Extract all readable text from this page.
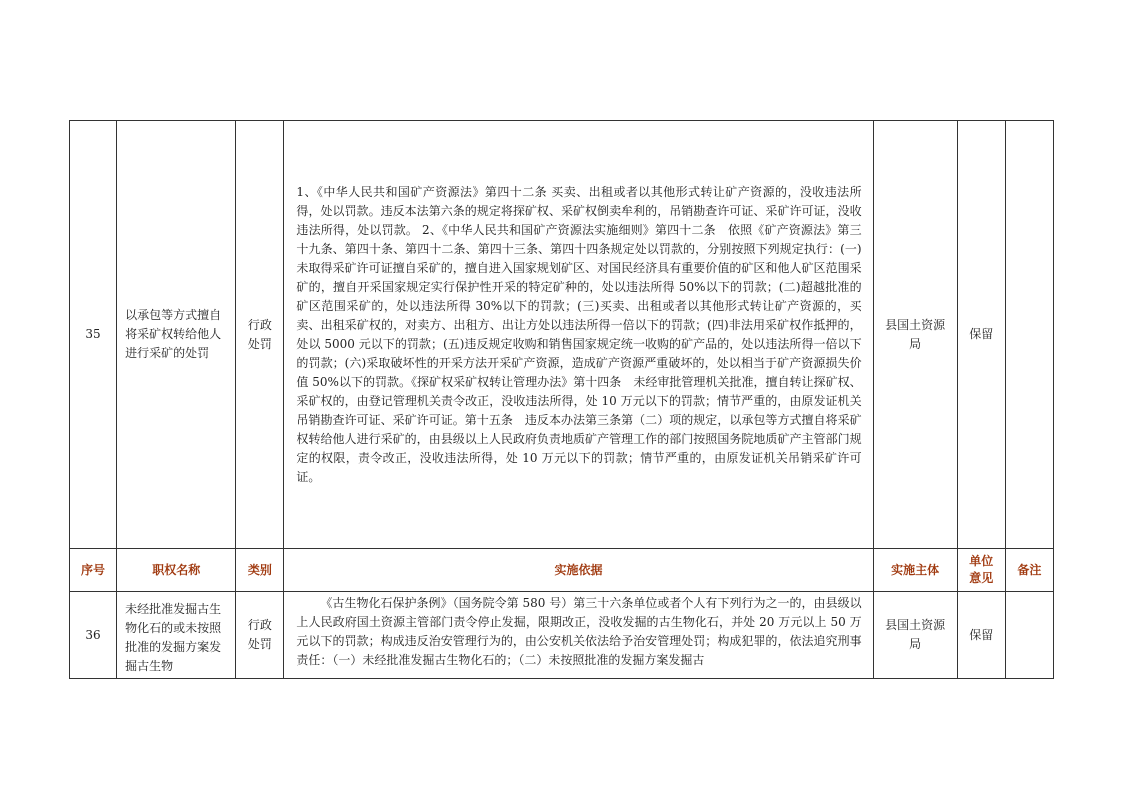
35	以承包等方式擅自将采矿权转给他人进行采矿的处罚	行政处罚	1、《中华人民共和国矿产资源法》第四十二条 买卖、出租或者以其他形式转让矿产资源的，没收违法所得，处以罚款。违反本法第六条的规定将探矿权、采矿权倒卖牟利的，吊销勘查许可证、采矿许可证，没收违法所得，处以罚款。 2、《中华人民共和国矿产资源法实施细则》第四十二条　依照《矿产资源法》第三十九条、第四十条、第四十二条、第四十三条、第四十四条规定处以罚款的，分别按照下列规定执行：(一)未取得采矿许可证擅自采矿的，擅自进入国家规划矿区、对国民经济具有重要价值的矿区和他人矿区范围采矿的，擅自开采国家规定实行保护性开采的特定矿种的，处以违法所得 50%以下的罚款；(二)超越批准的矿区范围采矿的，处以违法所得 30%以下的罚款；(三)买卖、出租或者以其他形式转让矿产资源的，买卖、出租采矿权的，对卖方、出租方、出让方处以违法所得一倍以下的罚款；(四)非法用采矿权作抵押的，处以 5000 元以下的罚款；(五)违反规定收购和销售国家规定统一收购的矿产品的，处以违法所得一倍以下的罚款；(六)采取破坏性的开采方法开采矿产资源，造成矿产资源严重破坏的，处以相当于矿产资源损失价值 50%以下的罚款。《探矿权采矿权转让管理办法》第十四条　未经审批管理机关批准，擅自转让探矿权、采矿权的，由登记管理机关责令改正，没收违法所得，处 10 万元以下的罚款；情节严重的，由原发证机关吊销勘查许可证、采矿许可证。第十五条　违反本办法第三条第（二）项的规定，以承包等方式擅自将采矿权转给他人进行采矿的，由县级以上人民政府负责地质矿产管理工作的部门按照国务院地质矿产主管部门规定的权限，责令改正，没收违法所得，处 10 万元以下的罚款；情节严重的，由原发证机关吊销采矿许可证。	县国土资源局	保留	
序号	职权名称	类别	实施依据	实施主体	单位意见	备注
36	未经批准发掘古生物化石的或未按照批准的发掘方案发掘古生物	行政处罚	《古生物化石保护条例》（国务院令第 580 号）第三十六条单位或者个人有下列行为之一的，由县级以上人民政府国土资源主管部门责令停止发掘，限期改正，没收发掘的古生物化石，并处 20 万元以上 50 万元以下的罚款；构成违反治安管理行为的，由公安机关依法给予治安管理处罚；构成犯罪的，依法追究刑事责任：（一）未经批准发掘古生物化石的；（二）未按照批准的发掘方案发掘古	县国土资源局	保留	
